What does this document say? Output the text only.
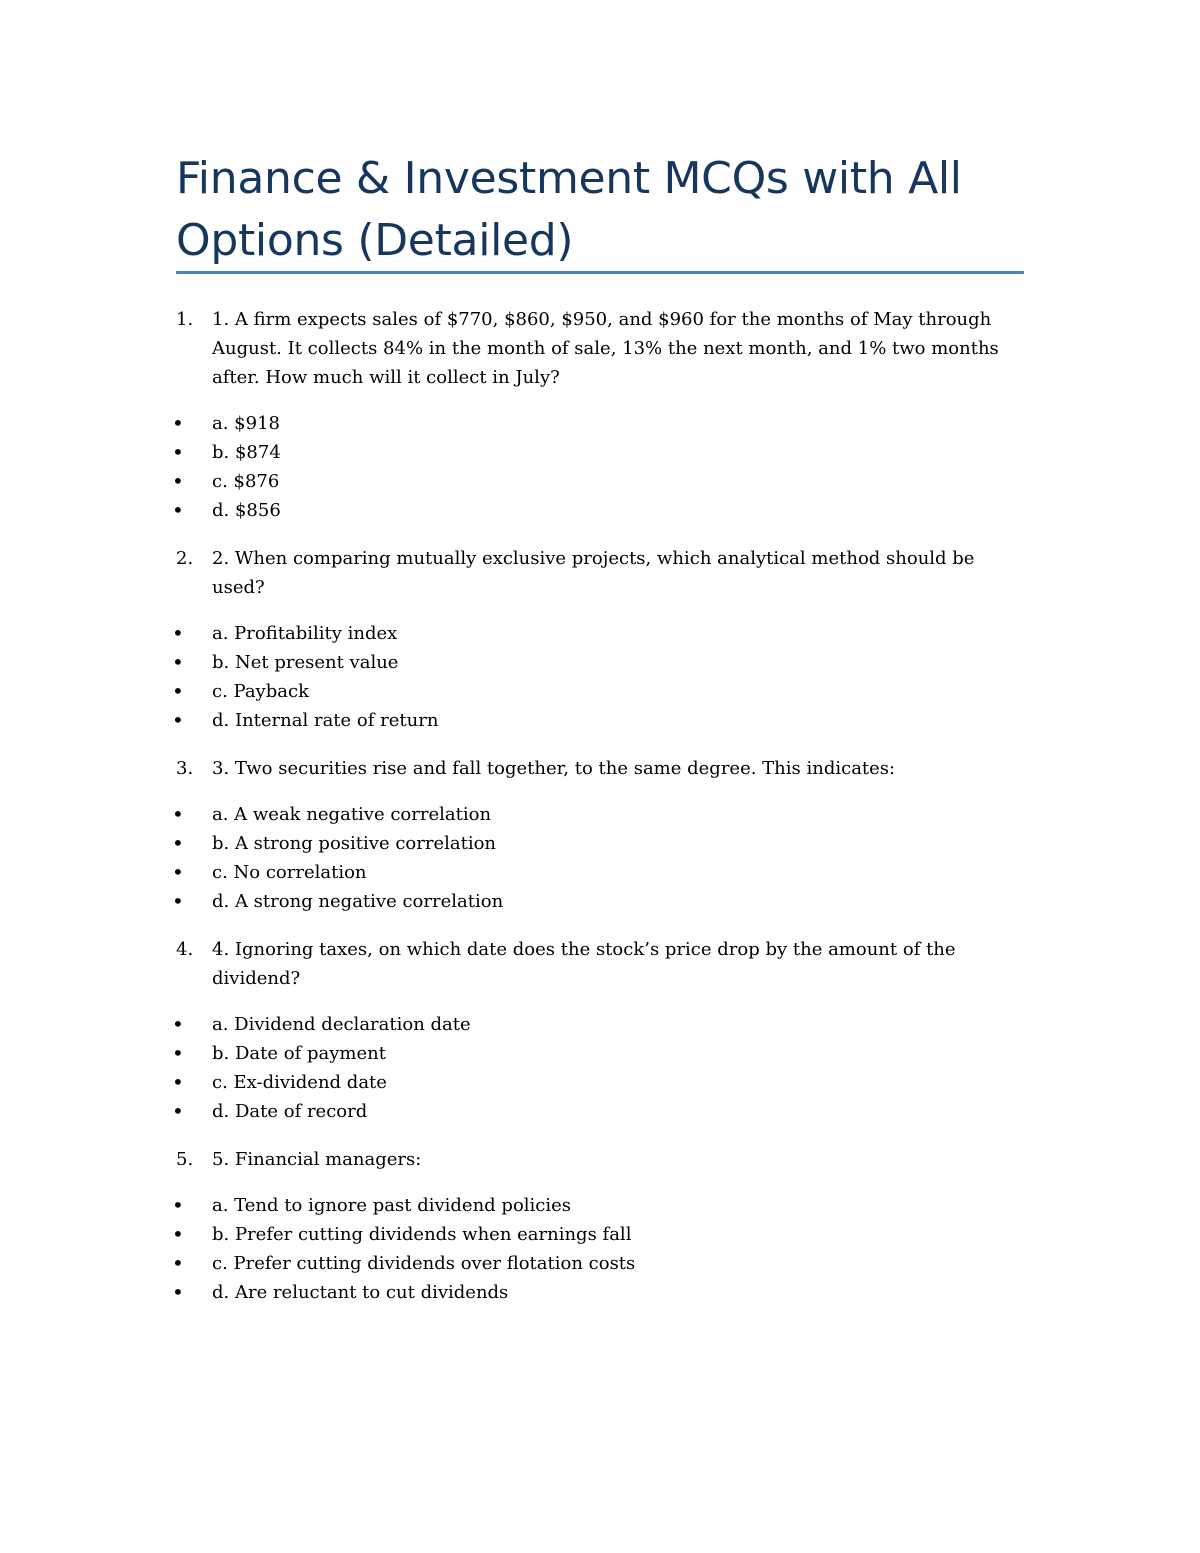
Finance & Investment MCQs with All Options (Detailed)
1. 1. A firm expects sales of $770, $860, $950, and $960 for the months of May through August. It collects 84% in the month of sale, 13% the next month, and 1% two months after. How much will it collect in July?
• a. $918
• b. $874
• c. $876
• d. $856
2. 2. When comparing mutually exclusive projects, which analytical method should be used?
• a. Profitability index
• b. Net present value
• c. Payback
• d. Internal rate of return
3. 3. Two securities rise and fall together, to the same degree. This indicates:
• a. A weak negative correlation
• b. A strong positive correlation
• c. No correlation
• d. A strong negative correlation
4. 4. Ignoring taxes, on which date does the stock’s price drop by the amount of the dividend?
• a. Dividend declaration date
• b. Date of payment
• c. Ex-dividend date
• d. Date of record
5. 5. Financial managers:
• a. Tend to ignore past dividend policies
• b. Prefer cutting dividends when earnings fall
• c. Prefer cutting dividends over flotation costs
• d. Are reluctant to cut dividends
